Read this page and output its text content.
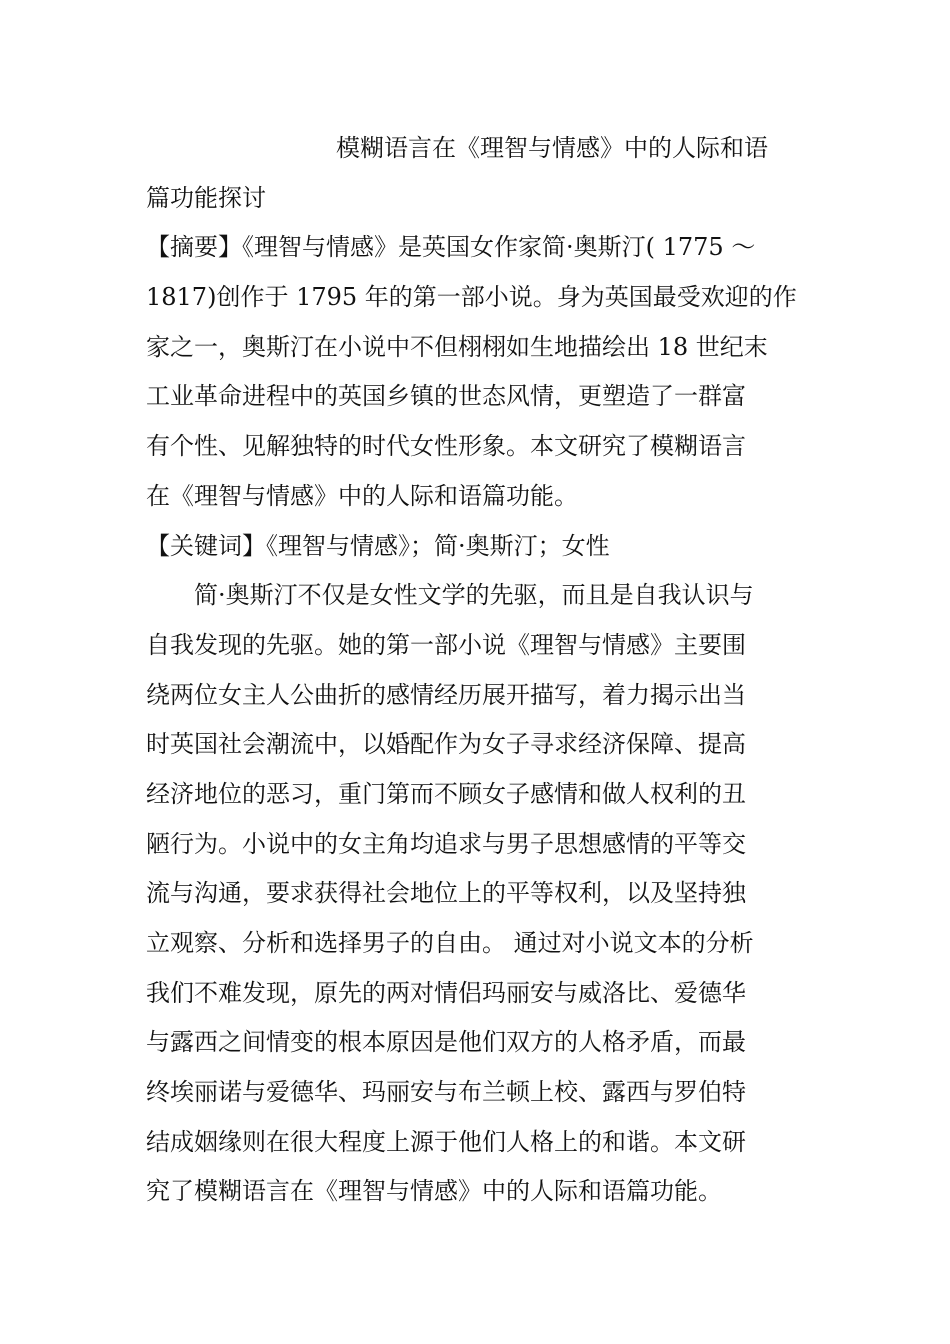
模糊语言在《理智与情感》中的人际和语
篇功能探讨
【摘要】《理智与情感》是英国女作家简·奥斯汀( 1775 ～
1817)创作于 1795 年的第一部小说。身为英国最受欢迎的作
家之一，奥斯汀在小说中不但栩栩如生地描绘出 18 世纪末
工业革命进程中的英国乡镇的世态风情，更塑造了一群富
有个性、见解独特的时代女性形象。本文研究了模糊语言
在《理智与情感》中的人际和语篇功能。
【关键词】《理智与情感》；简·奥斯汀；女性
简·奥斯汀不仅是女性文学的先驱，而且是自我认识与
自我发现的先驱。她的第一部小说《理智与情感》主要围
绕两位女主人公曲折的感情经历展开描写，着力揭示出当
时英国社会潮流中，以婚配作为女子寻求经济保障、提高
经济地位的恶习，重门第而不顾女子感情和做人权利的丑
陋行为。小说中的女主角均追求与男子思想感情的平等交
流与沟通，要求获得社会地位上的平等权利，以及坚持独
立观察、分析和选择男子的自由。 通过对小说文本的分析
我们不难发现，原先的两对情侣玛丽安与威洛比、爱德华
与露西之间情变的根本原因是他们双方的人格矛盾，而最
终埃丽诺与爱德华、玛丽安与布兰顿上校、露西与罗伯特
结成姻缘则在很大程度上源于他们人格上的和谐。本文研
究了模糊语言在《理智与情感》中的人际和语篇功能。
